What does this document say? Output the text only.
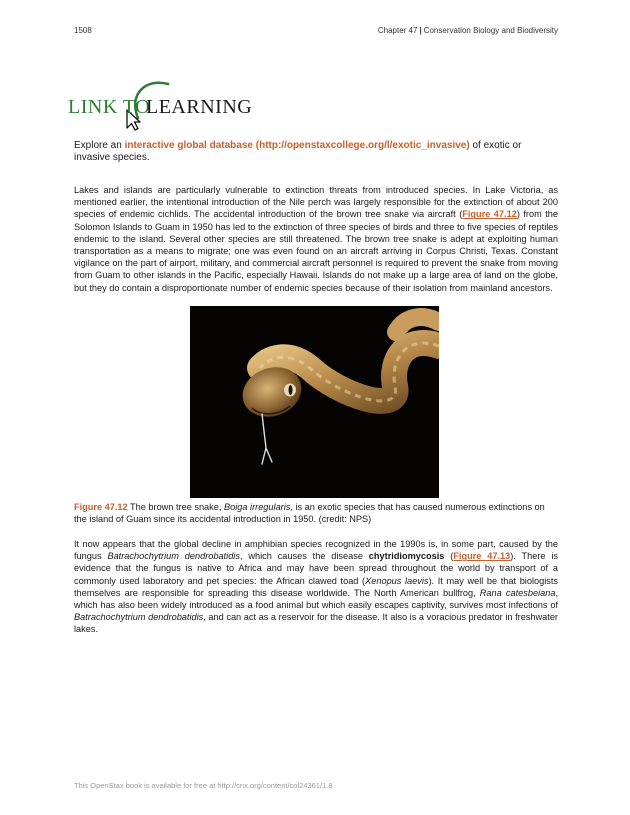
1508	Chapter 47 | Conservation Biology and Biodiversity
LINK TO
LEARNING
Explore an interactive global database (http://openstaxcollege.org/l/exotic_invasive) of exotic or invasive species.
Lakes and islands are particularly vulnerable to extinction threats from introduced species. In Lake Victoria, as mentioned earlier, the intentional introduction of the Nile perch was largely responsible for the extinction of about 200 species of endemic cichlids. The accidental introduction of the brown tree snake via aircraft (Figure 47.12) from the Solomon Islands to Guam in 1950 has led to the extinction of three species of birds and three to five species of reptiles endemic to the island. Several other species are still threatened. The brown tree snake is adept at exploiting human transportation as a means to migrate; one was even found on an aircraft arriving in Corpus Christi, Texas. Constant vigilance on the part of airport, military, and commercial aircraft personnel is required to prevent the snake from moving from Guam to other islands in the Pacific, especially Hawaii. Islands do not make up a large area of land on the globe, but they do contain a disproportionate number of endemic species because of their isolation from mainland ancestors.
Figure 47.12 The brown tree snake, Boiga irregularis, is an exotic species that has caused numerous extinctions on the island of Guam since its accidental introduction in 1950. (credit: NPS)
It now appears that the global decline in amphibian species recognized in the 1990s is, in some part, caused by the fungus Batrachochytrium dendrobatidis, which causes the disease chytridiomycosis (Figure 47.13). There is evidence that the fungus is native to Africa and may have been spread throughout the world by transport of a commonly used laboratory and pet species: the African clawed toad (Xenopus laevis). It may well be that biologists themselves are responsible for spreading this disease worldwide. The North American bullfrog, Rana catesbeiana, which has also been widely introduced as a food animal but which easily escapes captivity, survives most infections of Batrachochytrium dendrobatidis, and can act as a reservoir for the disease. It also is a voracious predator in freshwater lakes.
This OpenStax book is available for free at http://cnx.org/content/col24361/1.8
